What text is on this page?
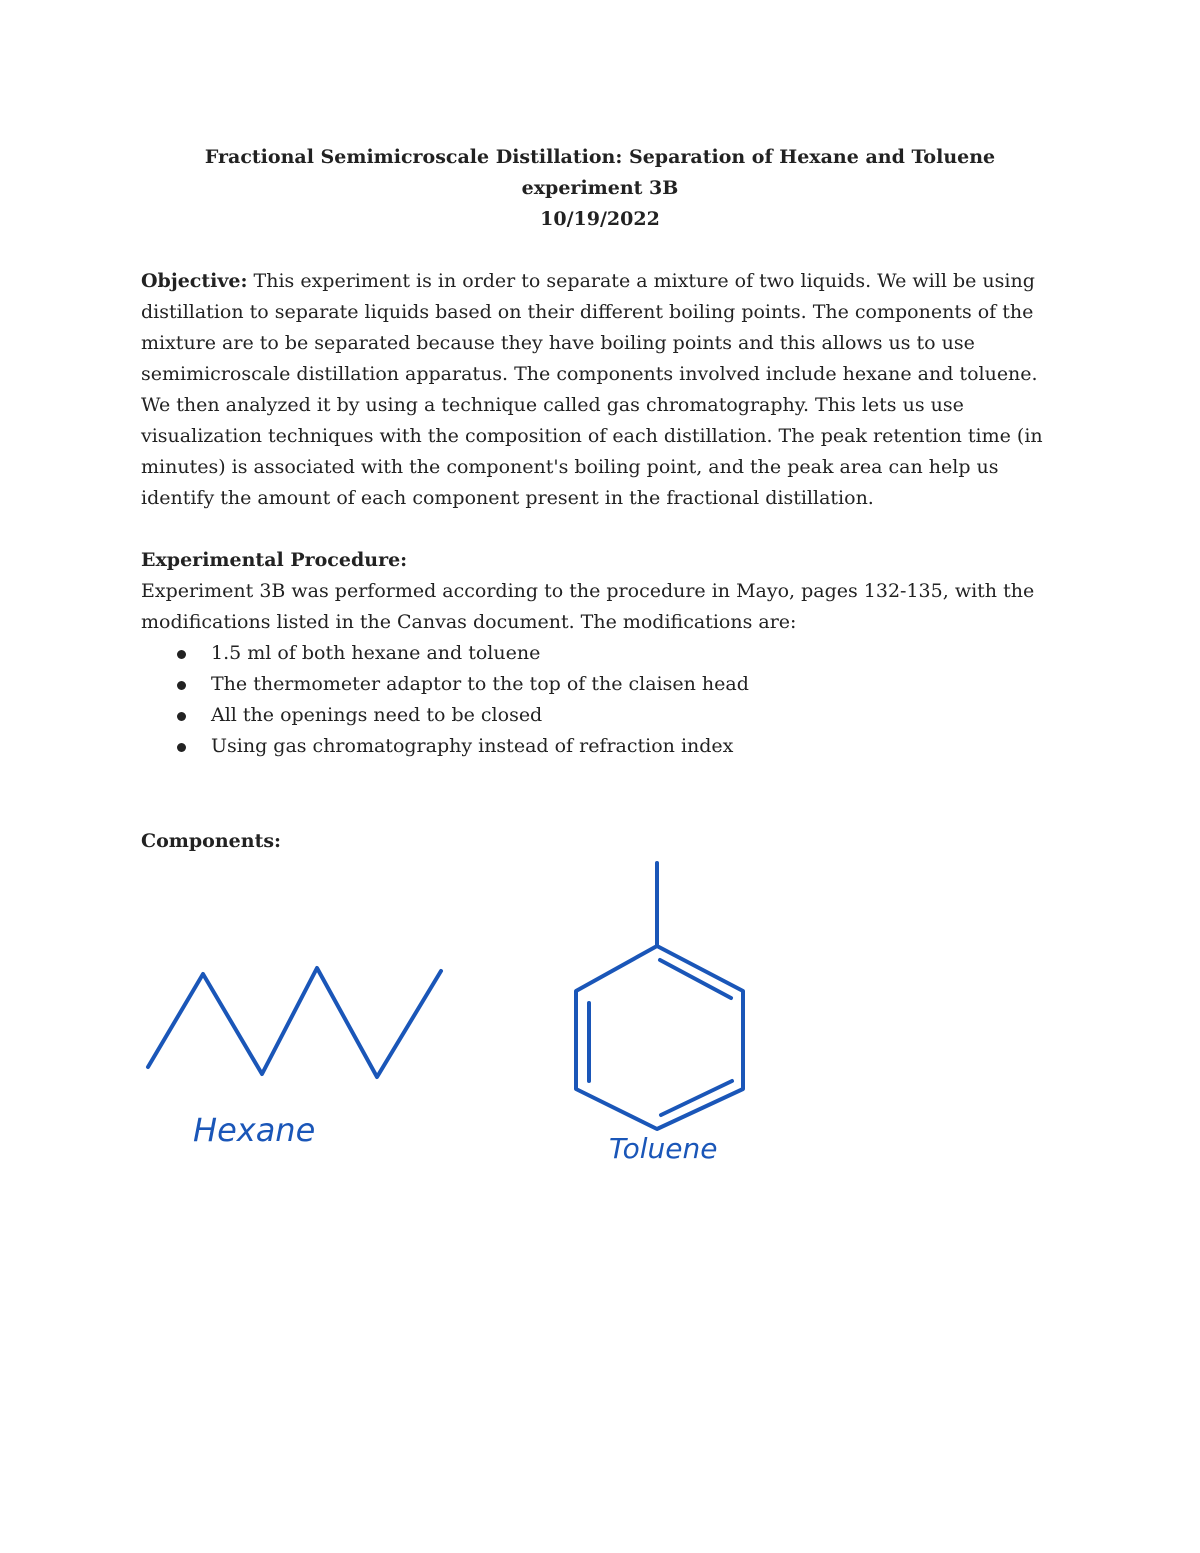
Fractional Semimicroscale Distillation: Separation of Hexane and Toluene
experiment 3B
10/19/2022
Objective: This experiment is in order to separate a mixture of two liquids. We will be using distillation to separate liquids based on their different boiling points. The components of the mixture are to be separated because they have boiling points and this allows us to use semimicroscale distillation apparatus. The components involved include hexane and toluene. We then analyzed it by using a technique called gas chromatography. This lets us use visualization techniques with the composition of each distillation. The peak retention time (in minutes) is associated with the component's boiling point, and the peak area can help us identify the amount of each component present in the fractional distillation.
Experimental Procedure:
Experiment 3B was performed according to the procedure in Mayo, pages 132-135, with the modifications listed in the Canvas document. The modifications are:
1.5 ml of both hexane and toluene
The thermometer adaptor to the top of the claisen head
All the openings need to be closed
Using gas chromatography instead of refraction index
Components:
Hexane	Toluene
